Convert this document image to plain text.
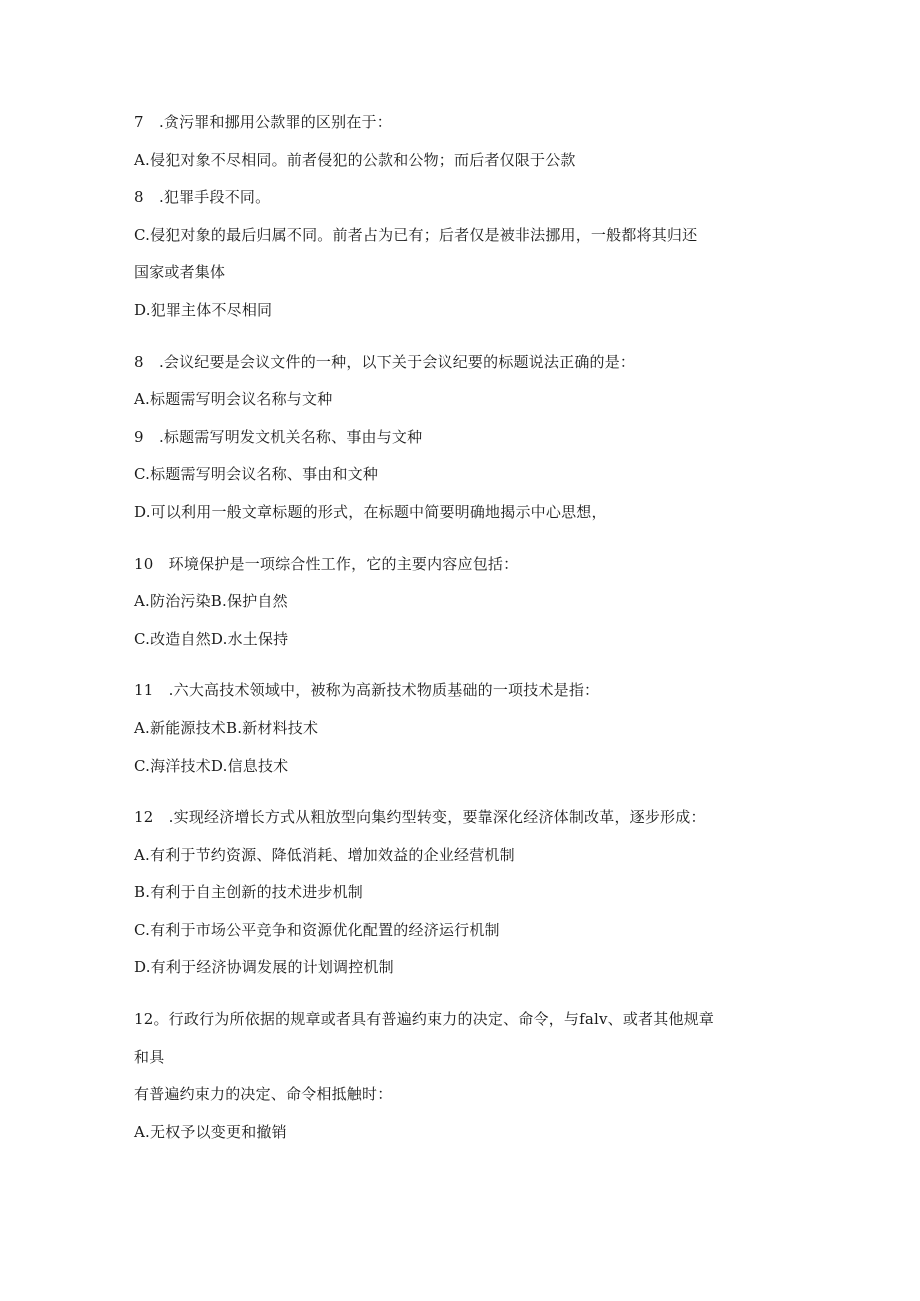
7　.贪污罪和挪用公款罪的区别在于：
A.侵犯对象不尽相同。前者侵犯的公款和公物；而后者仅限于公款
8　.犯罪手段不同。
C.侵犯对象的最后归属不同。前者占为已有；后者仅是被非法挪用，一般都将其归还
国家或者集体
D.犯罪主体不尽相同
8　.会议纪要是会议文件的一种，以下关于会议纪要的标题说法正确的是：
A.标题需写明会议名称与文种
9　.标题需写明发文机关名称、事由与文种
C.标题需写明会议名称、事由和文种
D.可以利用一般文章标题的形式，在标题中简要明确地揭示中心思想，
10　环境保护是一项综合性工作，它的主要内容应包括：
A.防治污染B.保护自然
C.改造自然D.水土保持
11　.六大高技术领域中，被称为高新技术物质基础的一项技术是指：
A.新能源技术B.新材料技术
C.海洋技术D.信息技术
12　.实现经济增长方式从粗放型向集约型转变，要靠深化经济体制改革，逐步形成：
A.有利于节约资源、降低消耗、增加效益的企业经营机制
B.有利于自主创新的技术进步机制
C.有利于市场公平竞争和资源优化配置的经济运行机制
D.有利于经济协调发展的计划调控机制
12。行政行为所依据的规章或者具有普遍约束力的决定、命令，与falv、或者其他规章
和具
有普遍约束力的决定、命令相抵触时：
A.无权予以变更和撤销
